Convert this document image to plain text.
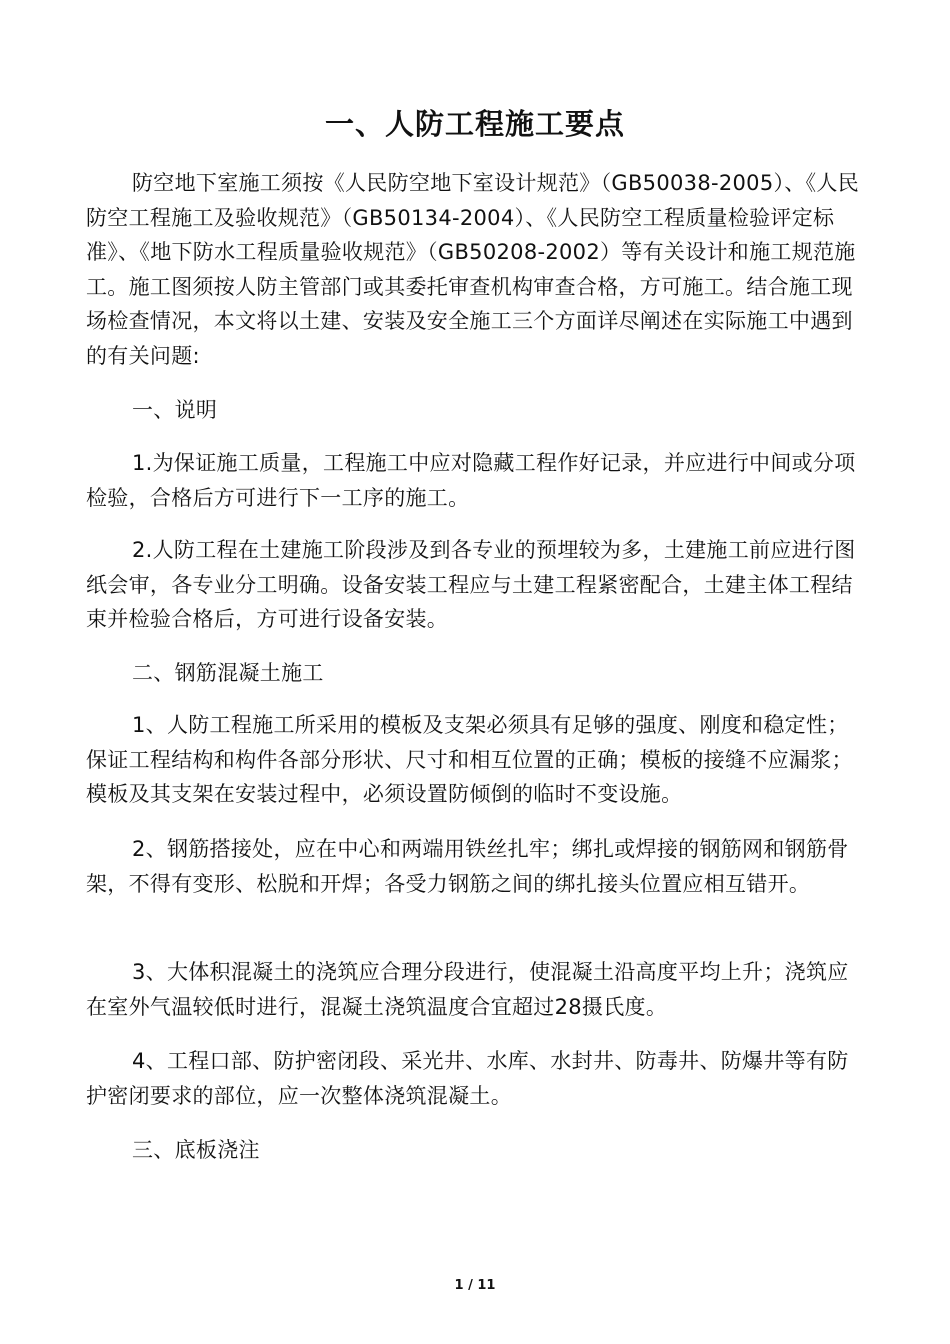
一、人防工程施工要点

防空地下室施工须按《人民防空地下室设计规范》（GB50038-2005）、《人民防空工程施工及验收规范》（GB50134-2004）、《人民防空工程质量检验评定标准》、《地下防水工程质量验收规范》（GB50208-2002）等有关设计和施工规范施工。施工图须按人防主管部门或其委托审查机构审查合格，方可施工。结合施工现场检查情况，本文将以土建、安装及安全施工三个方面详尽阐述在实际施工中遇到的有关问题:

一、说明

1.为保证施工质量，工程施工中应对隐藏工程作好记录，并应进行中间或分项检验，合格后方可进行下一工序的施工。

2.人防工程在土建施工阶段涉及到各专业的预埋较为多，土建施工前应进行图纸会审，各专业分工明确。设备安装工程应与土建工程紧密配合，土建主体工程结束并检验合格后，方可进行设备安装。

二、钢筋混凝土施工

1、人防工程施工所采用的模板及支架必须具有足够的强度、刚度和稳定性；保证工程结构和构件各部分形状、尺寸和相互位置的正确；模板的接缝不应漏浆；模板及其支架在安装过程中，必须设置防倾倒的临时不变设施。

2、钢筋搭接处，应在中心和两端用铁丝扎牢；绑扎或焊接的钢筋网和钢筋骨架，不得有变形、松脱和开焊；各受力钢筋之间的绑扎接头位置应相互错开。

3、大体积混凝土的浇筑应合理分段进行，使混凝土沿高度平均上升；浇筑应在室外气温较低时进行，混凝土浇筑温度合宜超过28摄氏度。

4、工程口部、防护密闭段、采光井、水库、水封井、防毒井、防爆井等有防护密闭要求的部位，应一次整体浇筑混凝土。

三、底板浇注

1 / 11
